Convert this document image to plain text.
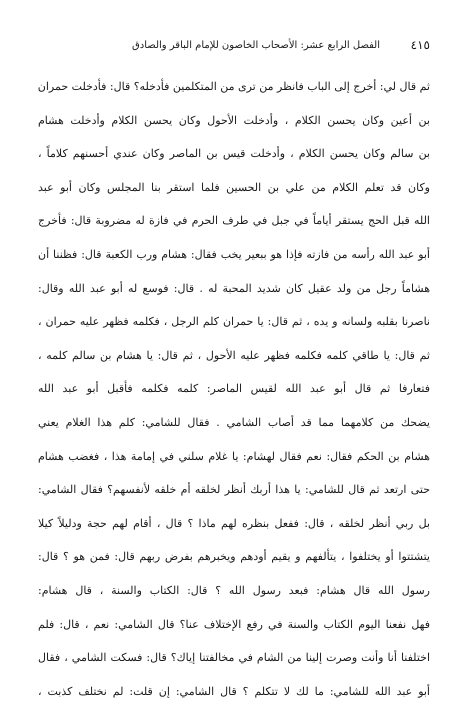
الفصل الرابع عشر: الأصحاب الخاصون للإمام الباقر والصادق	٤١٥
ثم قال لي: أخرج إلى الباب فانظر من ترى من المتكلمين فأدخله؟ قال: فأدخلت حمران
بن أعين وكان يحسن الكلام ، وأدخلت الأحول وكان يحسن الكلام وأدخلت هشام
بن سالم وكان يحسن الكلام ، وأدخلت قيس بن الماصر وكان عندي أحسنهم كلاماً ،
وكان قد تعلم الكلام من علي بن الحسين فلما استقر بنا المجلس وكان أبو عبد
الله قبل الحج يستقر أياماً في جبل في طرف الحرم في فازة له مضروبة قال: فأخرج
أبو عبد الله رأسه من فازته فإذا هو ببعير يخب فقال: هشام ورب الكعبة قال: فظننا أن
هشاماً رجل من ولد عقيل كان شديد المحبة له . قال: فوسع له أبو عبد الله وقال:
ناصرنا بقلبه ولسانه و يده ، ثم قال: يا حمران كلم الرجل ، فكلمه فظهر عليه حمران ،
ثم قال: يا طاقي كلمه فكلمه فظهر عليه الأحول ، ثم قال: يا هشام بن سالم كلمه ،
فتعارفا ثم قال أبو عبد الله لقيس الماصر: كلمه فكلمه فأقبل أبو عبد الله
يضحك من كلامهما مما قد أصاب الشامي . فقال للشامي: كلم هذا الغلام يعني
هشام بن الحكم فقال: نعم فقال لهشام: يا غلام سلني في إمامة هذا ، فغضب هشام
حتى ارتعد ثم قال للشامي: يا هذا أربك أنظر لخلقه أم خلقه لأنفسهم؟ فقال الشامي:
بل ربي أنظر لخلقه ، قال: ففعل بنظره لهم ماذا ؟ قال ، أقام لهم حجة ودليلاً كيلا
يتشتتوا أو يختلفوا ، يتألفهم و يقيم أودهم ويخبرهم بفرض ربهم قال: فمن هو ؟ قال:
رسول الله قال هشام: فبعد رسول الله ؟ قال: الكتاب والسنة ، قال هشام:
فهل نفعنا اليوم الكتاب والسنة في رفع الإختلاف عنا؟ قال الشامي: نعم ، قال: فلم
اختلفنا أنا وأنت وصرت إلينا من الشام في مخالفتنا إياك؟ قال: فسكت الشامي ، فقال
أبو عبد الله للشامي: ما لك لا تتكلم ؟ قال الشامي: إن قلت: لم نختلف كذبت ،
